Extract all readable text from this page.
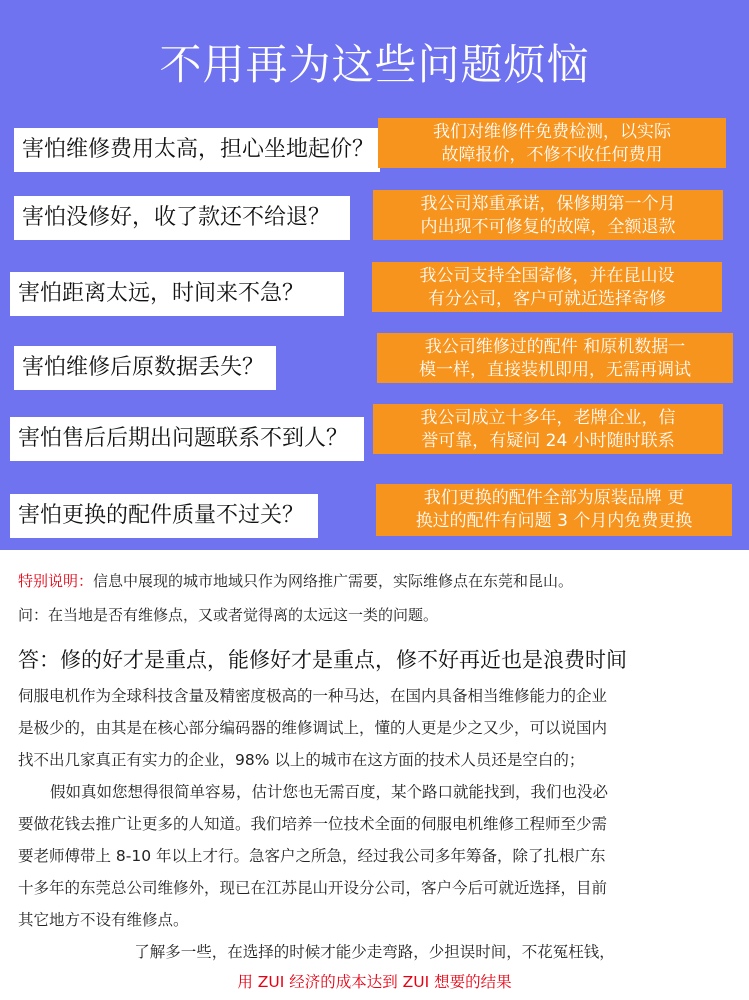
不用再为这些问题烦恼
害怕维修费用太高，担心坐地起价？
我们对维修件免费检测，以实际
故障报价，不修不收任何费用
害怕没修好，收了款还不给退？
我公司郑重承诺，保修期第一个月
内出现不可修复的故障，全额退款
害怕距离太远，时间来不急？
我公司支持全国寄修，并在昆山设
有分公司，客户可就近选择寄修
害怕维修后原数据丢失？
我公司维修过的配件 和原机数据一
模一样，直接装机即用，无需再调试
害怕售后后期出问题联系不到人？
我公司成立十多年，老牌企业，信
誉可靠，有疑问 24 小时随时联系
害怕更换的配件质量不过关？
我们更换的配件全部为原装品牌 更
换过的配件有问题 3 个月内免费更换
特别说明：信息中展现的城市地域只作为网络推广需要，实际维修点在东莞和昆山。
问：在当地是否有维修点，又或者觉得离的太远这一类的问题。
答：修的好才是重点，能修好才是重点，修不好再近也是浪费时间

伺服电机作为全球科技含量及精密度极高的一种马达，在国内具备相当维修能力的企业

是极少的，由其是在核心部分编码器的维修调试上，懂的人更是少之又少，可以说国内

找不出几家真正有实力的企业，98% 以上的城市在这方面的技术人员还是空白的；

假如真如您想得很简单容易，估计您也无需百度，某个路口就能找到，我们也没必

要做花钱去推广让更多的人知道。我们培养一位技术全面的伺服电机维修工程师至少需

要老师傅带上 8-10 年以上才行。急客户之所急，经过我公司多年筹备，除了扎根广东

十多年的东莞总公司维修外，现已在江苏昆山开设分公司，客户今后可就近选择，目前

其它地方不设有维修点。

了解多一些，在选择的时候才能少走弯路，少担误时间，不花冤枉钱，
用 ZUI 经济的成本达到 ZUI 想要的结果
